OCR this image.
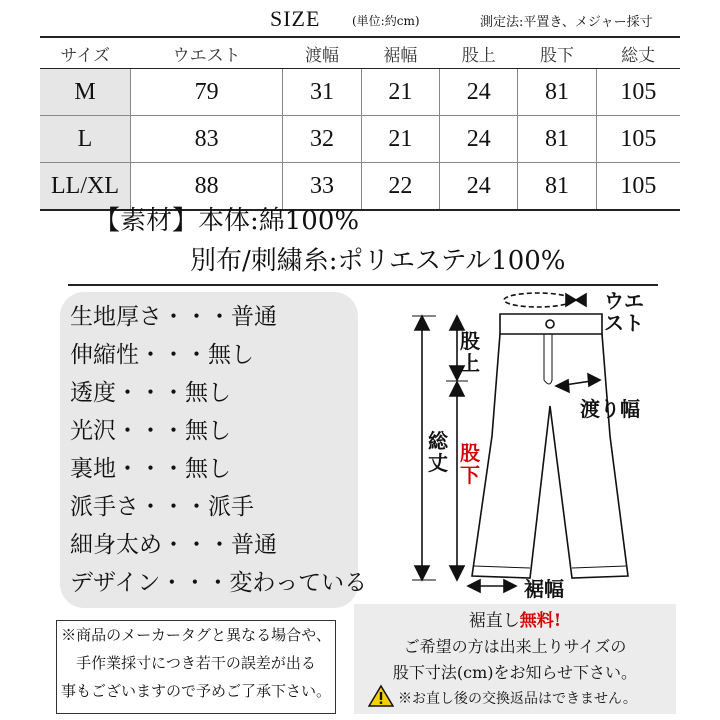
SIZE	(単位:約cm)	測定法:平置き、メジャー採寸
サイズ	ウエスト	渡幅	裾幅	股上	股下	総丈
M	79	31	21	24	81	105
L	83	32	21	24	81	105
LL/XL	88	33	22	24	81	105
【素材】本体:綿100%
別布/刺繍糸:ポリエステル100%
生地厚さ・・・普通
伸縮性・・・無し
透度・・・無し
光沢・・・無し
裏地・・・無し
派手さ・・・派手
細身太め・・・普通
デザイン・・・変わっている
ウエスト
股上
渡り幅
総丈 股下
裾幅
※商品のメーカータグと異なる場合や、
手作業採寸につき若干の誤差が出る
事もございますので予めご了承下さい。
裾直し無料!
ご希望の方は出来上りサイズの
股下寸法(cm)をお知らせ下さい。
※お直し後の交換返品はできません。
